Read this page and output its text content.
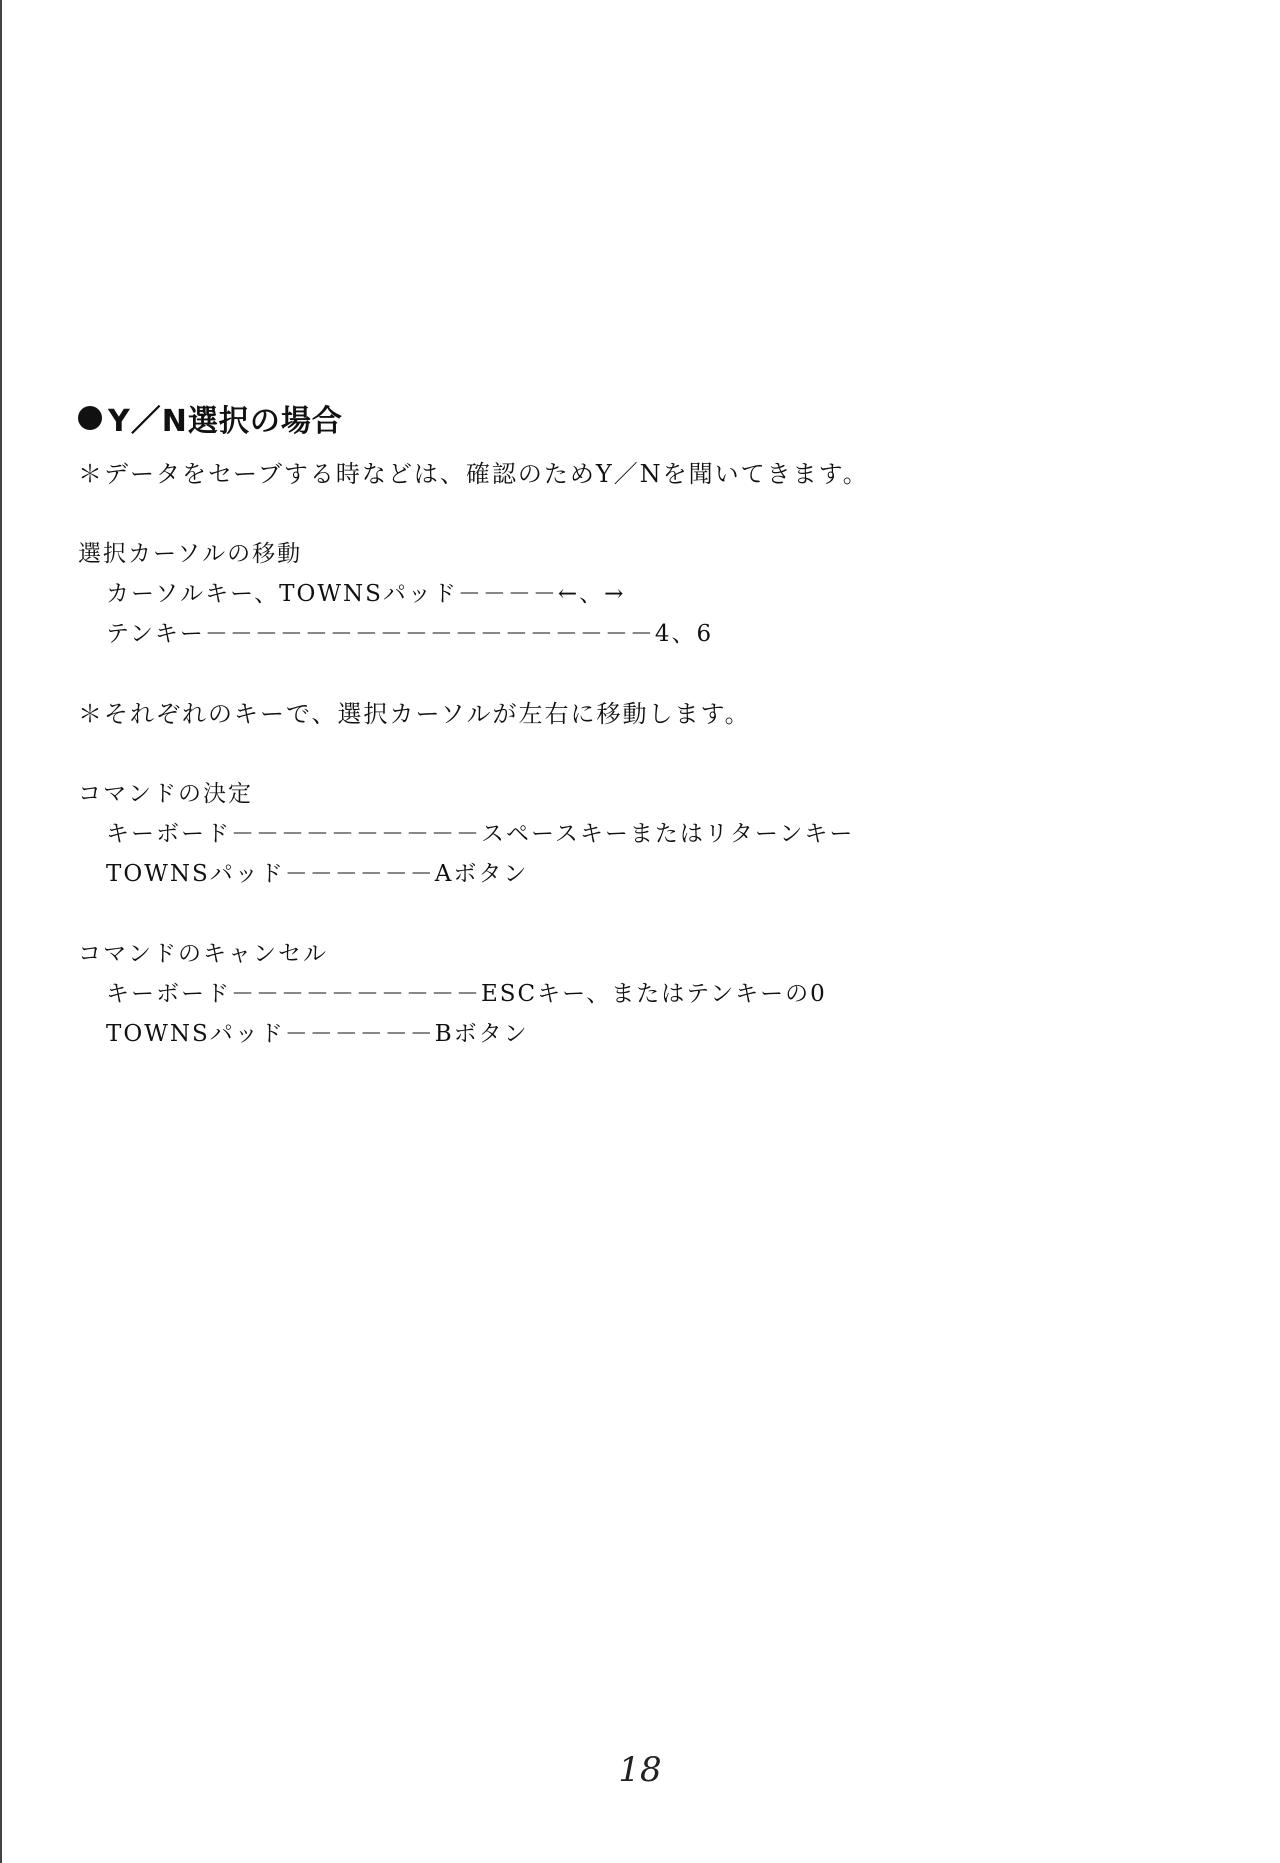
Y／N選択の場合
＊データをセーブする時などは、確認のためY／Nを聞いてきます。
選択カーソルの移動
カーソルキー、TOWNSパッド－－－－←、→
テンキー－－－－－－－－－－－－－－－－－－4、6
＊それぞれのキーで、選択カーソルが左右に移動します。
コマンドの決定
キーボード－－－－－－－－－－スペースキーまたはリターンキー
TOWNSパッド－－－－－－Aボタン
コマンドのキャンセル
キーボード－－－－－－－－－－ESCキー、またはテンキーの0
TOWNSパッド－－－－－－Bボタン
18
